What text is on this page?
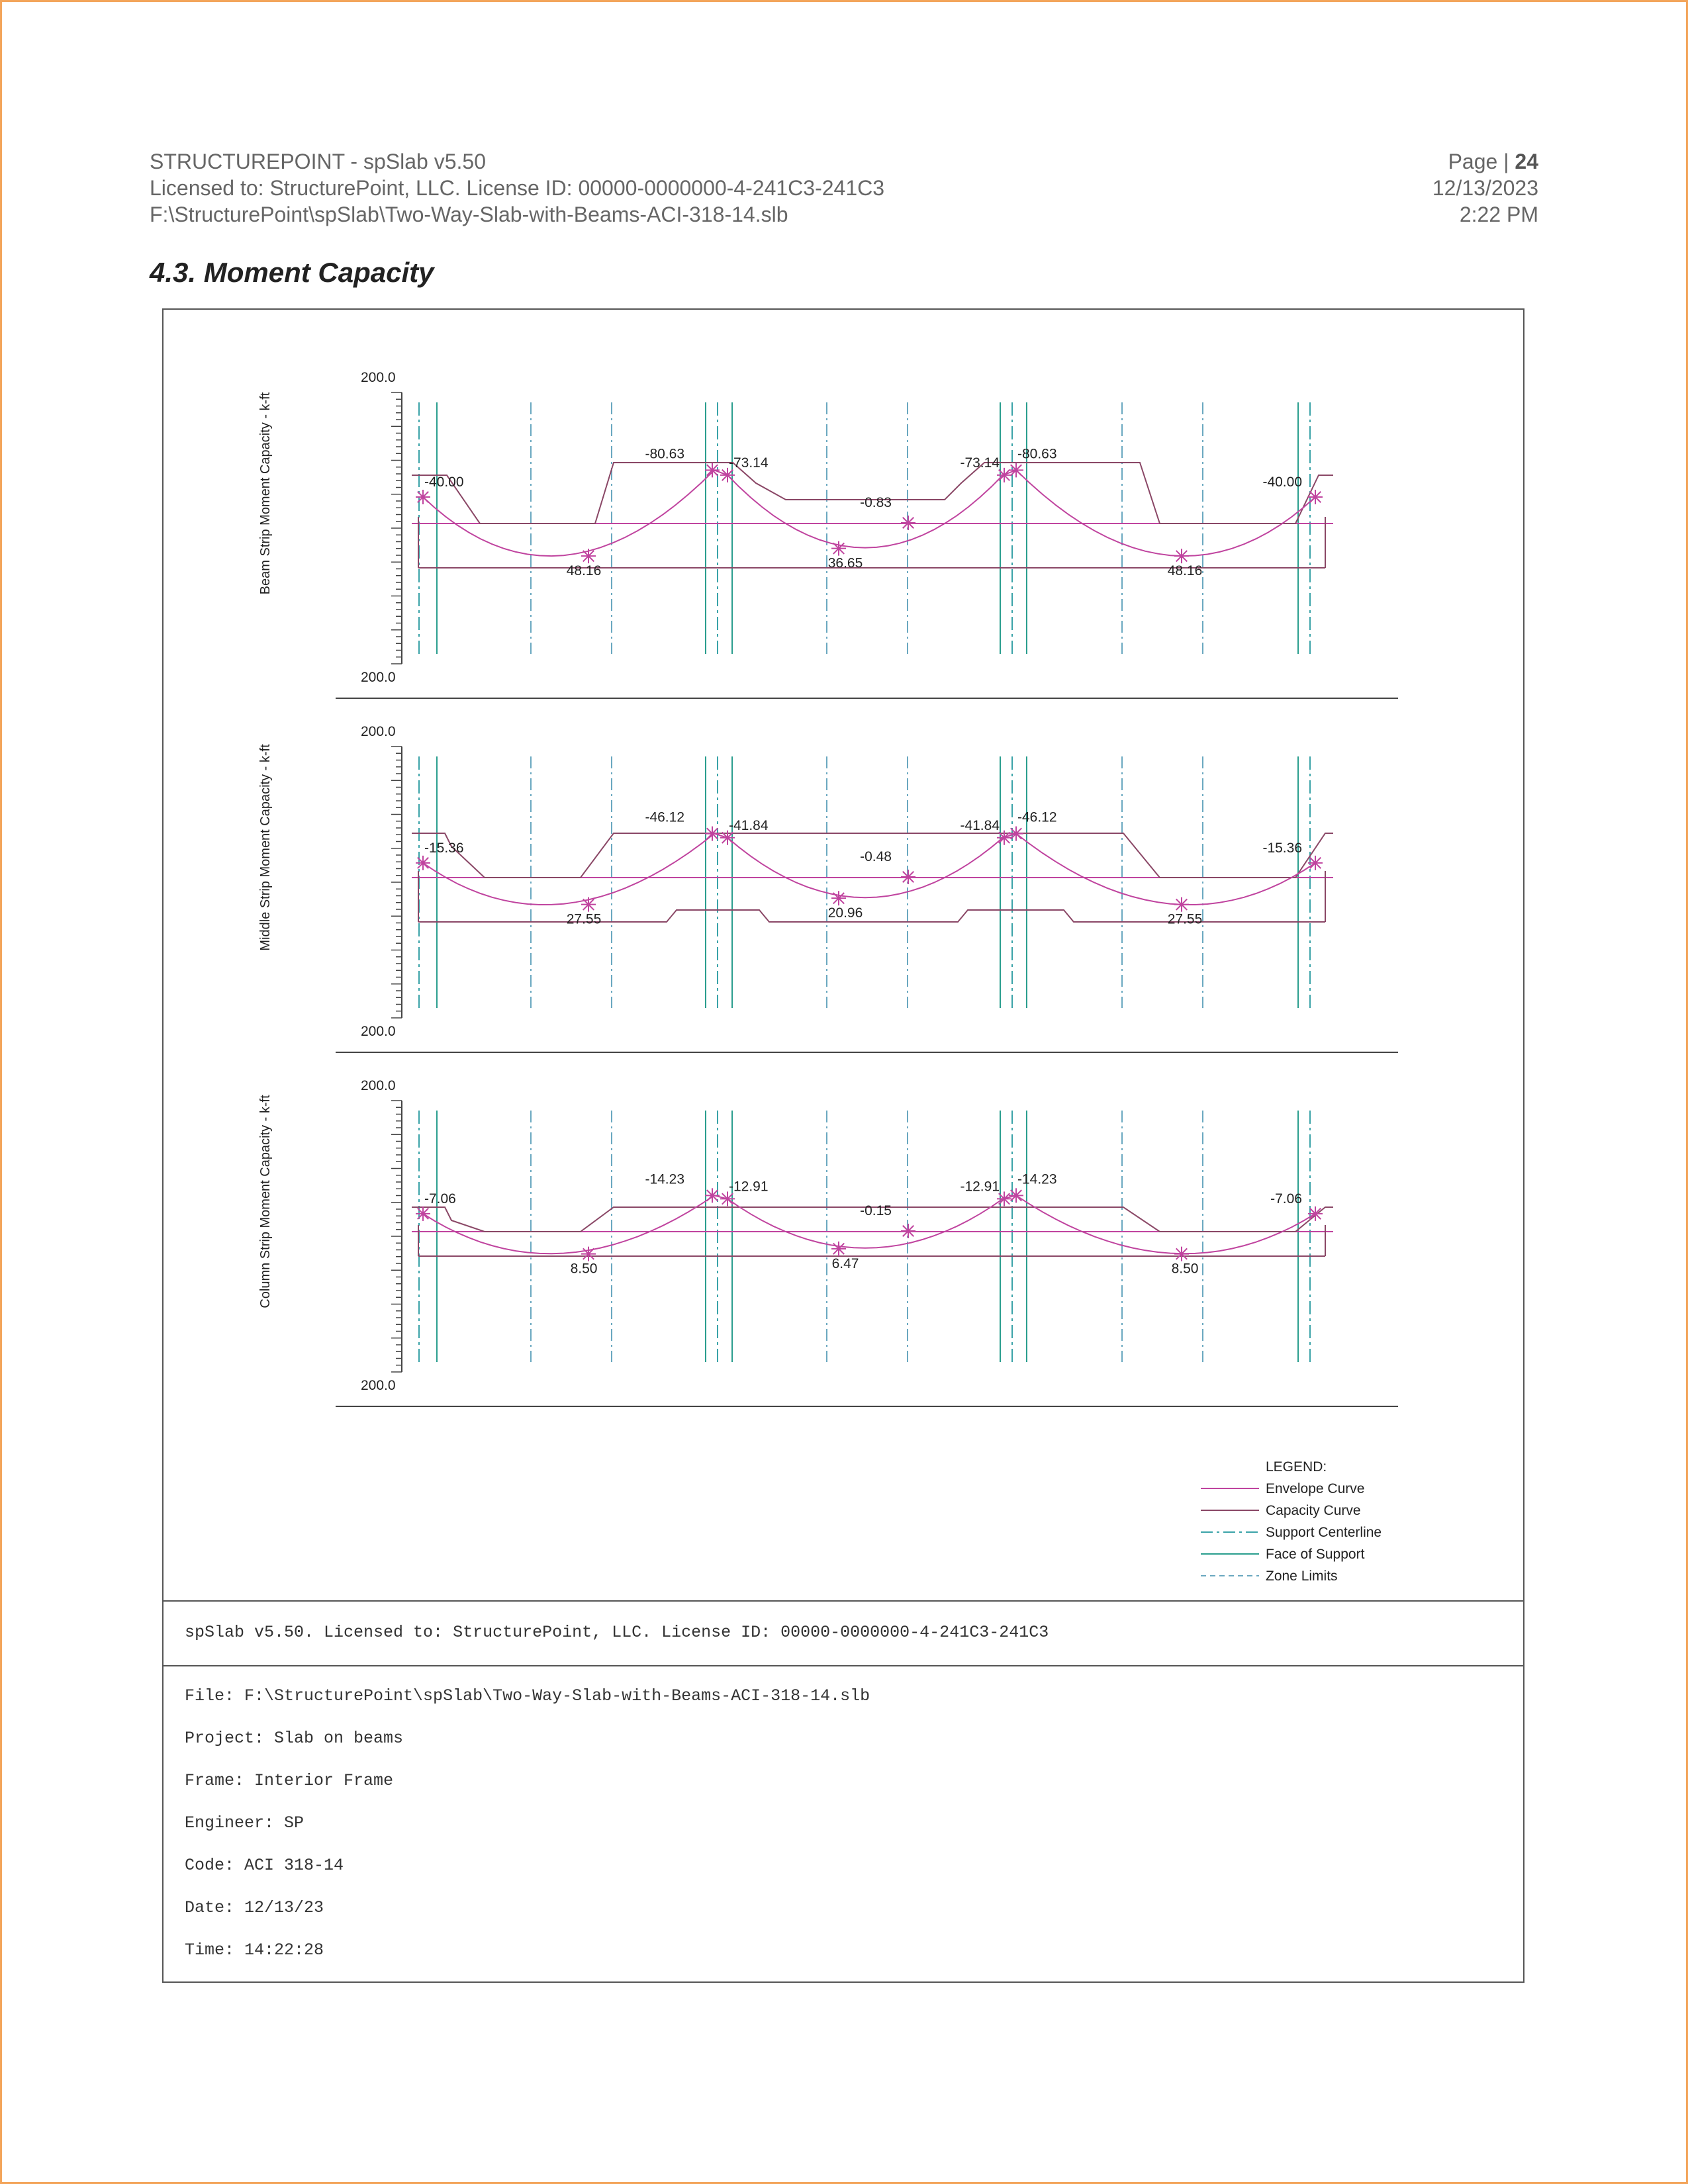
STRUCTUREPOINT - spSlab v5.50
Licensed to: StructurePoint, LLC. License ID: 00000-0000000-4-241C3-241C3
F:\StructurePoint\spSlab\Two-Way-Slab-with-Beams-ACI-318-14.slb
Page | 24
12/13/2023
2:22 PM
4.3. Moment Capacity
200.0
200.0
Beam Strip Moment Capacity - k-ft	-40.00
48.16
-80.63
-73.14
36.65
-0.83
-73.14
-80.63
48.16
-40.00
200.0
200.0
Middle Strip Moment Capacity - k-ft	-15.36
27.55
-46.12
-41.84
20.96
-0.48
-41.84
-46.12
27.55
-15.36
200.0
200.0
Column Strip Moment Capacity - k-ft	-7.06
8.50
-14.23	-12.91
6.47
-0.15
-12.91 -14.23
8.50
-7.06
LEGEND:
Envelope Curve
Capacity Curve
Support Centerline
Face of Support
Zone Limits
spSlab v5.50. Licensed to: StructurePoint, LLC. License ID: 00000-0000000-4-241C3-241C3
File: F:\StructurePoint\spSlab\Two-Way-Slab-with-Beams-ACI-318-14.slb
Project: Slab on beams
Frame: Interior Frame
Engineer: SP
Code: ACI 318-14
Date: 12/13/23
Time: 14:22:28
